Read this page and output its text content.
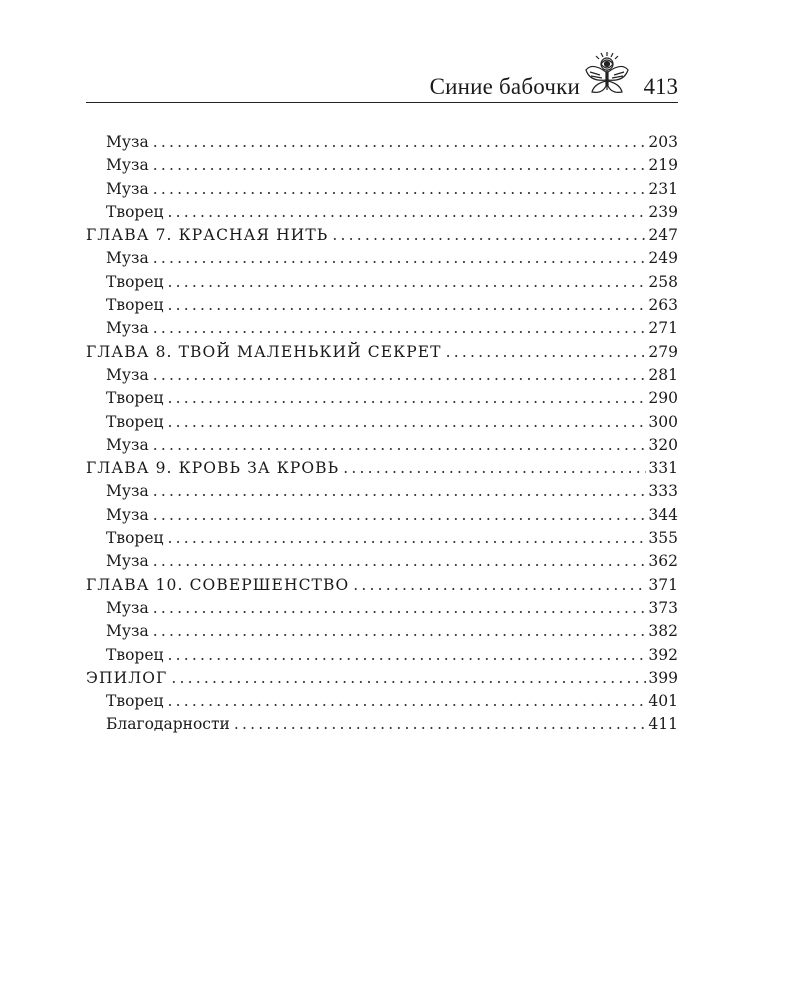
Синие бабочки	413
Муза .....	203
Муза .....	219
Муза .....	231
Творец .....	239
ГЛАВА 7. КРАСНАЯ НИТЬ .....	247
Муза .....	249
Творец .....	258
Творец .....	263
Муза .....	271
ГЛАВА 8. ТВОЙ МАЛЕНЬКИЙ СЕКРЕТ .....	279
Муза .....	281
Творец .....	290
Творец .....	300
Муза .....	320
ГЛАВА 9. КРОВЬ ЗА КРОВЬ .....	331
Муза .....	333
Муза .....	344
Творец .....	355
Муза .....	362
ГЛАВА 10. СОВЕРШЕНСТВО .....	371
Муза .....	373
Муза .....	382
Творец .....	392
ЭПИЛОГ .....	399
Творец .....	401
Благодарности .....	411
